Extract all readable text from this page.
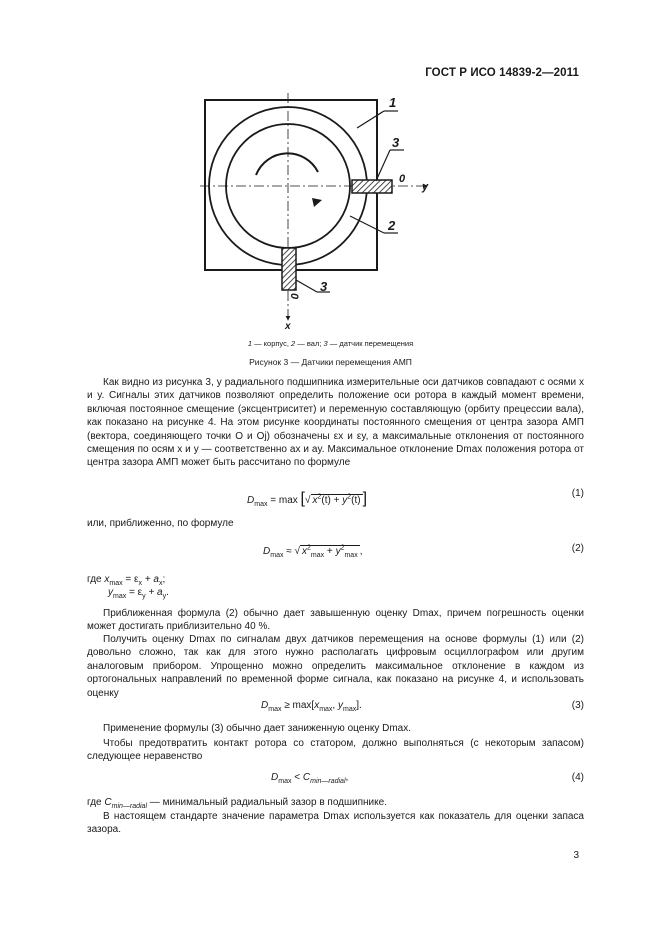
ГОСТ Р ИСО 14839-2—2011
1
3
0
y
2
0
3
x
1 — корпус, 2 — вал; 3 — датчик перемещения
Рисунок 3 — Датчики перемещения АМП
Как видно из рисунка 3, у радиального подшипника измерительные оси датчиков совпадают с осями x и y. Сигналы этих датчиков позволяют определить положение оси ротора в каждый момент времени, включая постоянное смещение (эксцентриситет) и переменную составляющую (орбиту прецессии вала), как показано на рисунке 4. На этом рисунке координаты постоянного смещения от центра зазора АМП (вектора, соединяющего точки O и Oj) обозначены εx и εy, а максимальные отклонения от постоянного смещения по осям x и y — соответственно ax и ay. Максимальное отклонение Dmax положения ротора от центра зазора АМП может быть рассчитано по формуле
$D_{max} = \max$ [√ $x^2(t) + y^2(t)$ ]	(1)
или, приближенно, по формуле
$D_{max}$ ≈ √ $x^2_{max} + y^2_{max}$ ,	(2)
где $x_{max} = \varepsilon_x + a_x$;
$y_{max} = \varepsilon_y + a_y$.
Приближенная формула (2) обычно дает завышенную оценку Dmax, причем погрешность оценки может достигать приблизительно 40 %.
Получить оценку Dmax по сигналам двух датчиков перемещения на основе формулы (1) или (2) довольно сложно, так как для этого нужно располагать цифровым осциллографом или другим аналоговым прибором. Упрощенно можно определить максимальное отклонение в каждом из ортогональных направлений по временной форме сигнала, как показано на рисунке 4, и использовать оценку
$D_{max} \ge \max[x_{max}$, $y_{max}$].	(3)
Применение формулы (3) обычно дает заниженную оценку Dmax.
Чтобы предотвратить контакт ротора со статором, должно выполняться (с некоторым запасом) следующее неравенство
$D_{max} < C_{min—radial}$,	(4)
где $C_{min—radial}$ — минимальный радиальный зазор в подшипнике.
В настоящем стандарте значение параметра Dmax используется как показатель для оценки запаса зазора.
3
